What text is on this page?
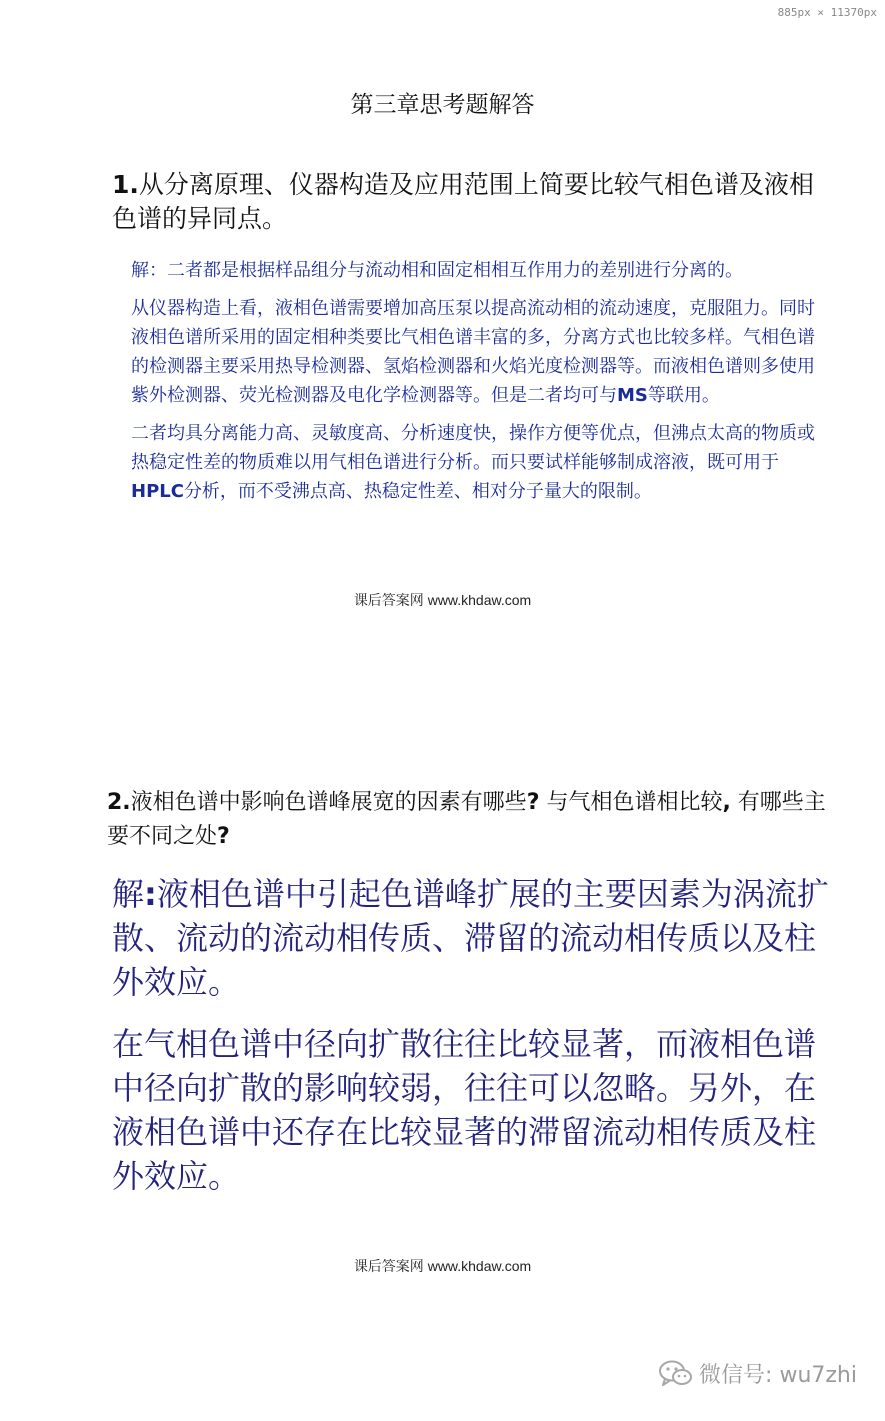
885px × 11370px
第三章思考题解答
1.从分离原理、仪器构造及应用范围上简要比较气相色谱及液相色谱的异同点。

解：二者都是根据样品组分与流动相和固定相相互作用力的差别进行分离的。

从仪器构造上看，液相色谱需要增加高压泵以提高流动相的流动速度，克服阻力。同时液相色谱所采用的固定相种类要比气相色谱丰富的多，分离方式也比较多样。气相色谱的检测器主要采用热导检测器、氢焰检测器和火焰光度检测器等。而液相色谱则多使用紫外检测器、荧光检测器及电化学检测器等。但是二者均可与MS等联用。

二者均具分离能力高、灵敏度高、分析速度快，操作方便等优点，但沸点太高的物质或热稳定性差的物质难以用气相色谱进行分析。而只要试样能够制成溶液，既可用于HPLC分析，而不受沸点高、热稳定性差、相对分子量大的限制。

课后答案网 www.khdaw.com
2.液相色谱中影响色谱峰展宽的因素有哪些? 与气相色谱相比较, 有哪些主要不同之处?

解:液相色谱中引起色谱峰扩展的主要因素为涡流扩散、流动的流动相传质、滞留的流动相传质以及柱外效应。

在气相色谱中径向扩散往往比较显著，而液相色谱中径向扩散的影响较弱，往往可以忽略。另外，在液相色谱中还存在比较显著的滞留流动相传质及柱外效应。

课后答案网 www.khdaw.com
微信号: wu7zhi
